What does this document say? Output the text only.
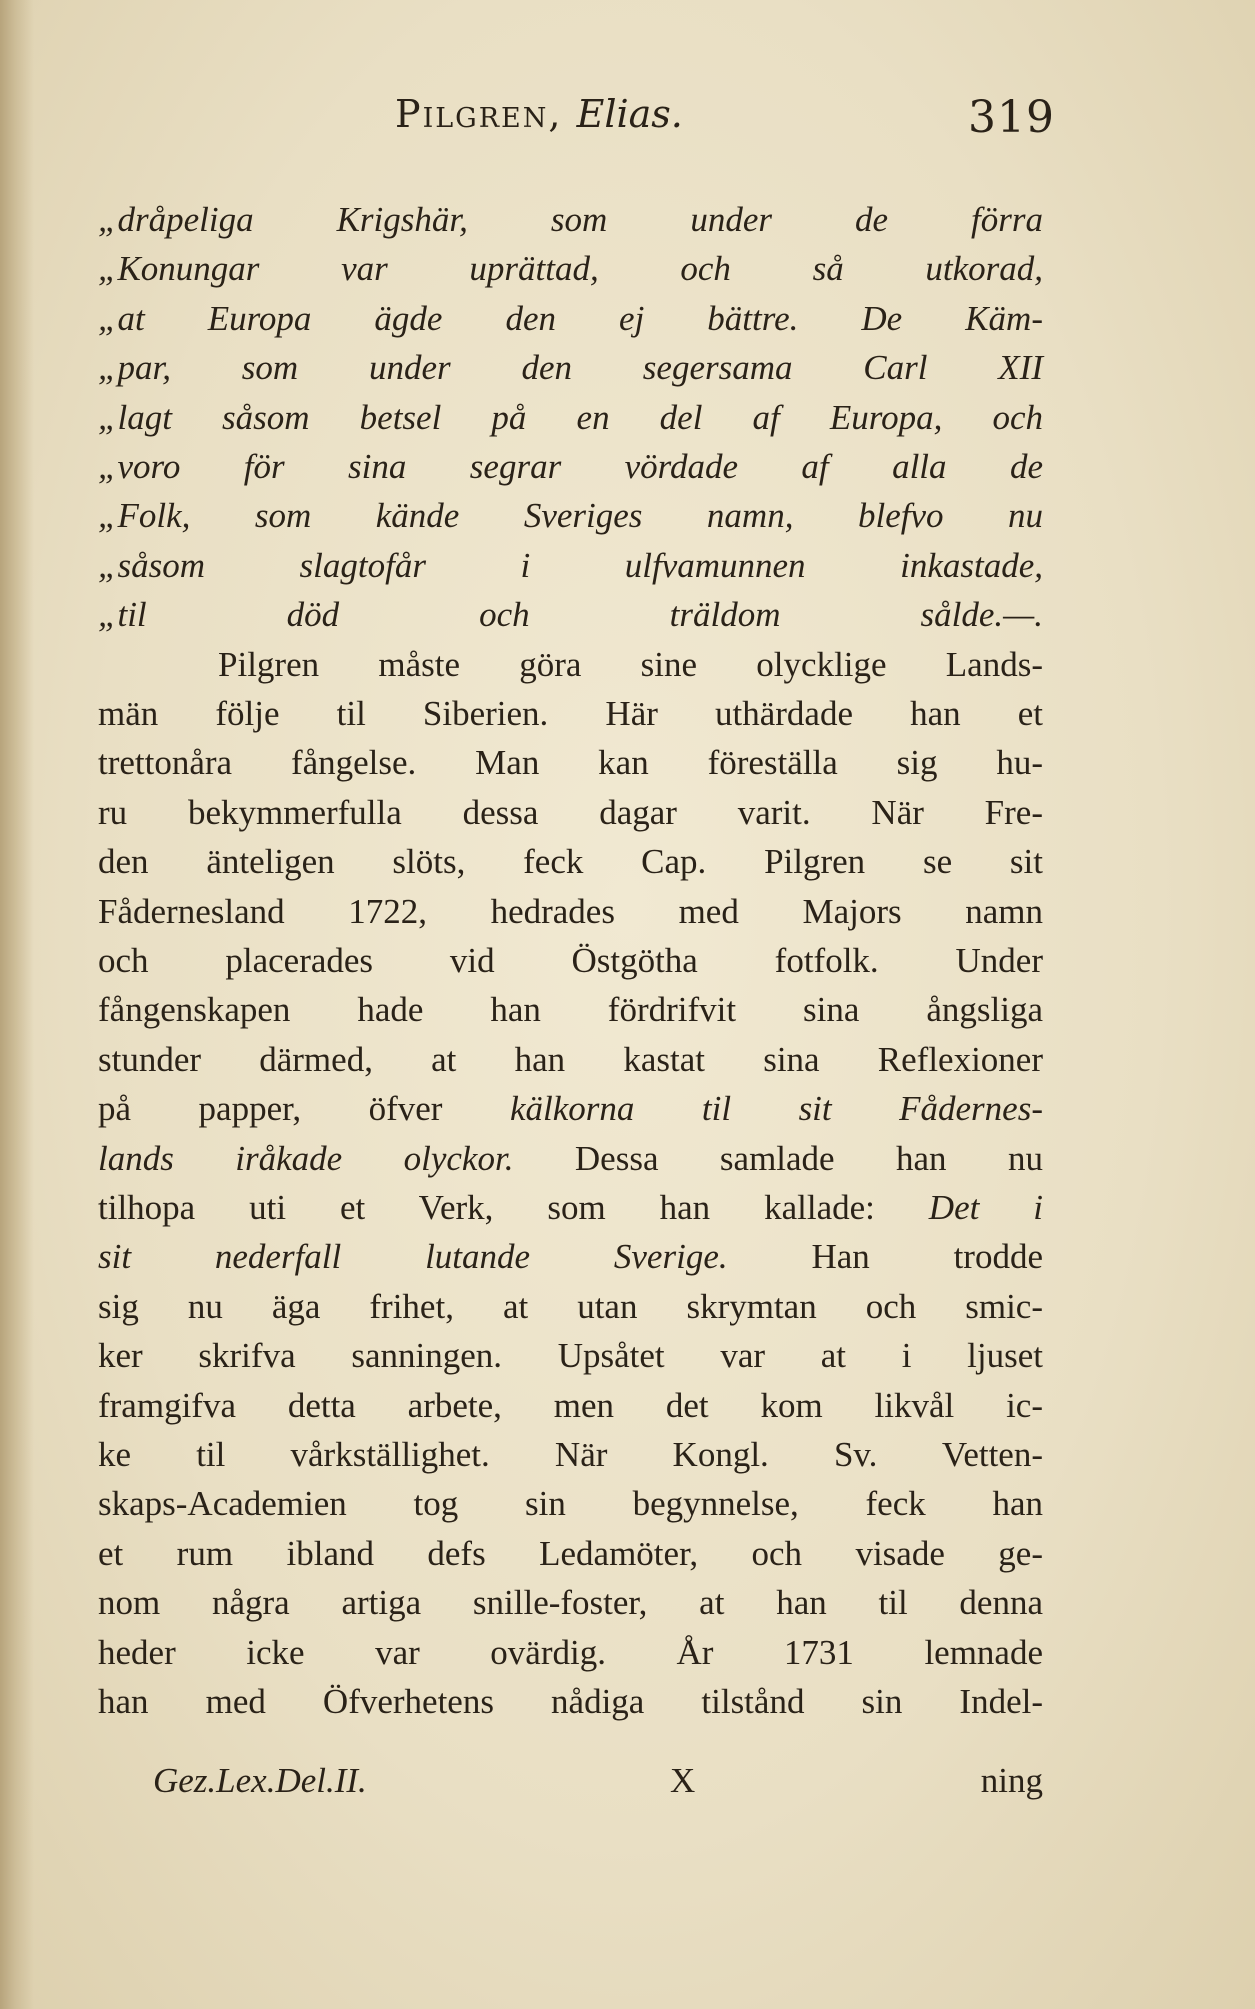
Pilgren, Elias.	319
„dråpeliga Krigshär, som under de förra
„Konungar var uprättad, och så utkorad,
„at Europa ägde den ej bättre. De Käm-
„par, som under den segersama Carl XII
„lagt såsom betsel på en del af Europa, och
„voro för sina segrar vördade af alla de
„Folk, som kände Sveriges namn, blefvo nu
„såsom slagtofår i ulfvamunnen inkastade,
„til död och träldom sålde.—.
Pilgren måste göra sine olycklige Lands-
män följe til Siberien. Här uthärdade han et
trettonåra fångelse. Man kan föreställa sig hu-
ru bekymmerfulla dessa dagar varit. När Fre-
den änteligen slöts, feck Cap. Pilgren se sit
Fådernesland 1722, hedrades med Majors namn
och placerades vid Östgötha fotfolk. Under
fångenskapen hade han fördrifvit sina ångsliga
stunder därmed, at han kastat sina Reflexioner
på papper, öfver kälkorna til sit Fådernes-
lands iråkade olyckor. Dessa samlade han nu
tilhopa uti et Verk, som han kallade: Det i
sit nederfall lutande Sverige. Han trodde
sig nu äga frihet, at utan skrymtan och smic-
ker skrifva sanningen. Upsåtet var at i ljuset
framgifva detta arbete, men det kom likvål ic-
ke til vårkställighet. När Kongl. Sv. Vetten-
skaps-Academien tog sin begynnelse, feck han
et rum ibland defs Ledamöter, och visade ge-
nom några artiga snille-foster, at han til denna
heder icke var ovärdig. År 1731 lemnade
han med Öfverhetens nådiga tilstånd sin Indel-
Gez.Lex.Del.II.	X	ning
